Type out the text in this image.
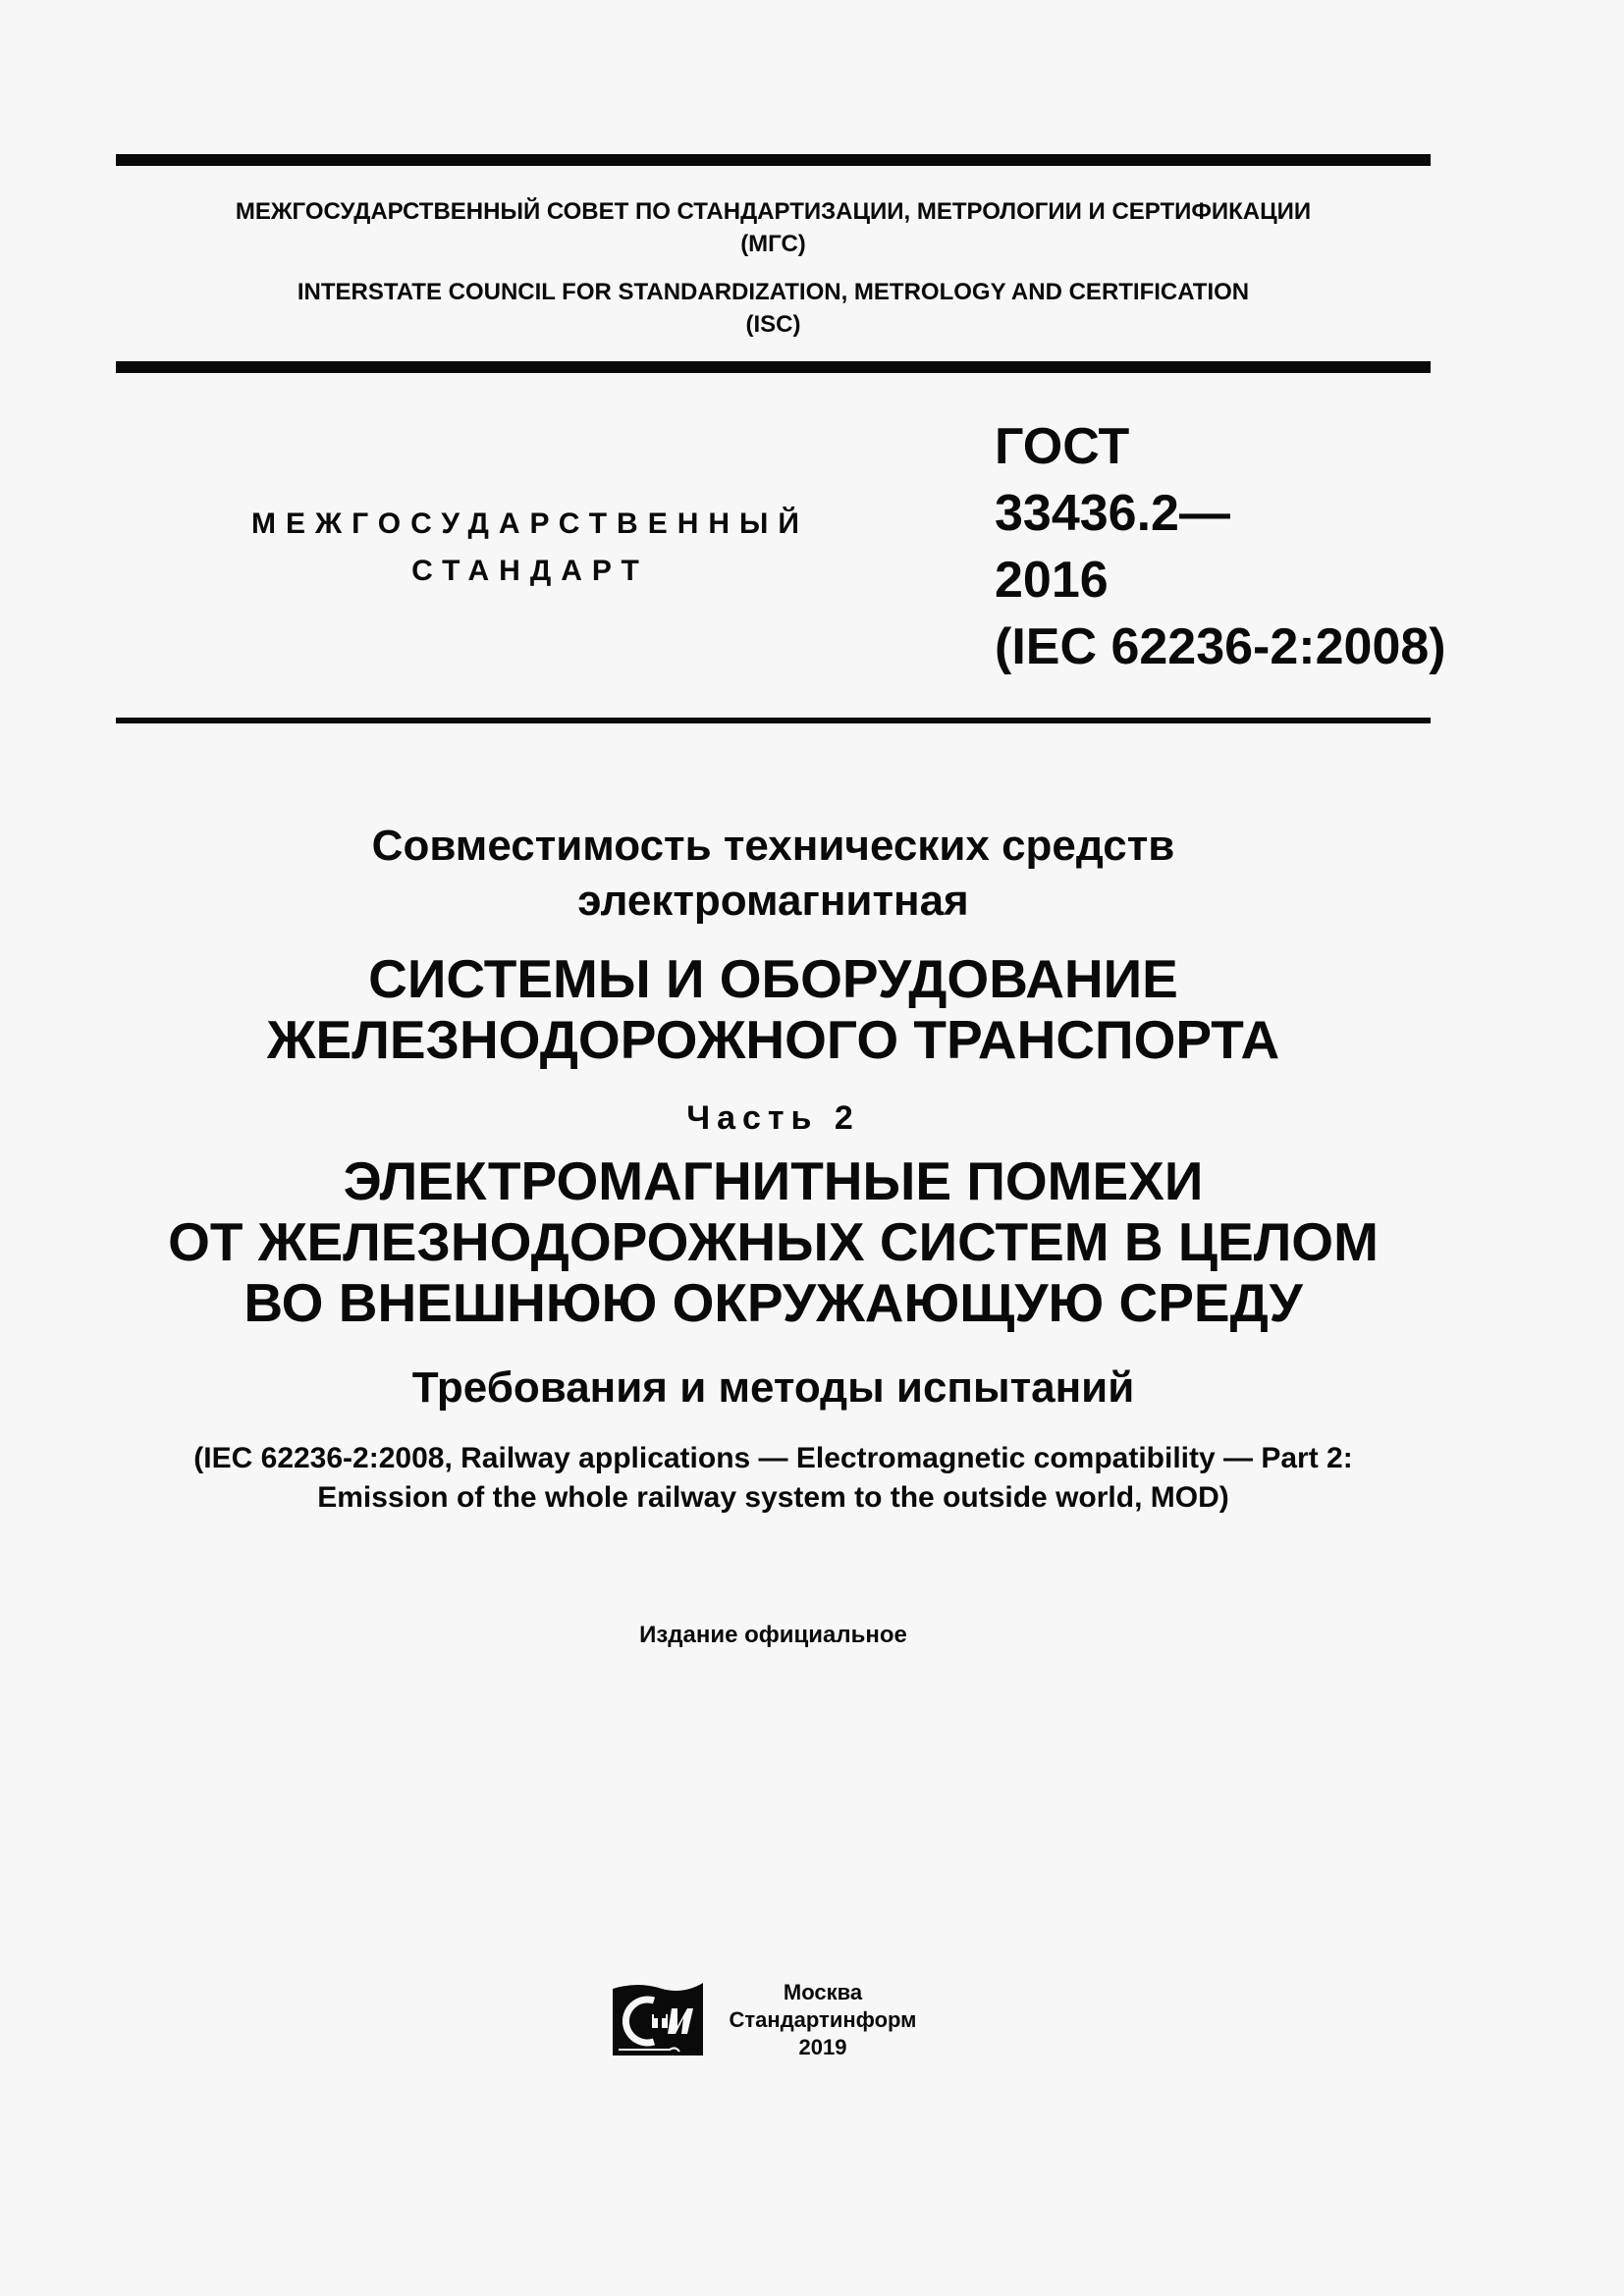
МЕЖГОСУДАРСТВЕННЫЙ СОВЕТ ПО СТАНДАРТИЗАЦИИ, МЕТРОЛОГИИ И СЕРТИФИКАЦИИ
(МГС)
INTERSTATE COUNCIL FOR STANDARDIZATION, METROLOGY AND CERTIFICATION
(ISC)
МЕЖГОСУДАРСТВЕННЫЙ
СТАНДАРТ
ГОСТ
33436.2—
2016
(IEC 62236-2:2008)
Совместимость технических средств
электромагнитная
СИСТЕМЫ И ОБОРУДОВАНИЕ
ЖЕЛЕЗНОДОРОЖНОГО ТРАНСПОРТА
Часть 2
ЭЛЕКТРОМАГНИТНЫЕ ПОМЕХИ
ОТ ЖЕЛЕЗНОДОРОЖНЫХ СИСТЕМ В ЦЕЛОМ
ВО ВНЕШНЮЮ ОКРУЖАЮЩУЮ СРЕДУ
Требования и методы испытаний
(IEC 62236-2:2008, Railway applications — Electromagnetic compatibility — Part 2:
Emission of the whole railway system to the outside world, MOD)
Издание официальное
Москва
Стандартинформ
2019
